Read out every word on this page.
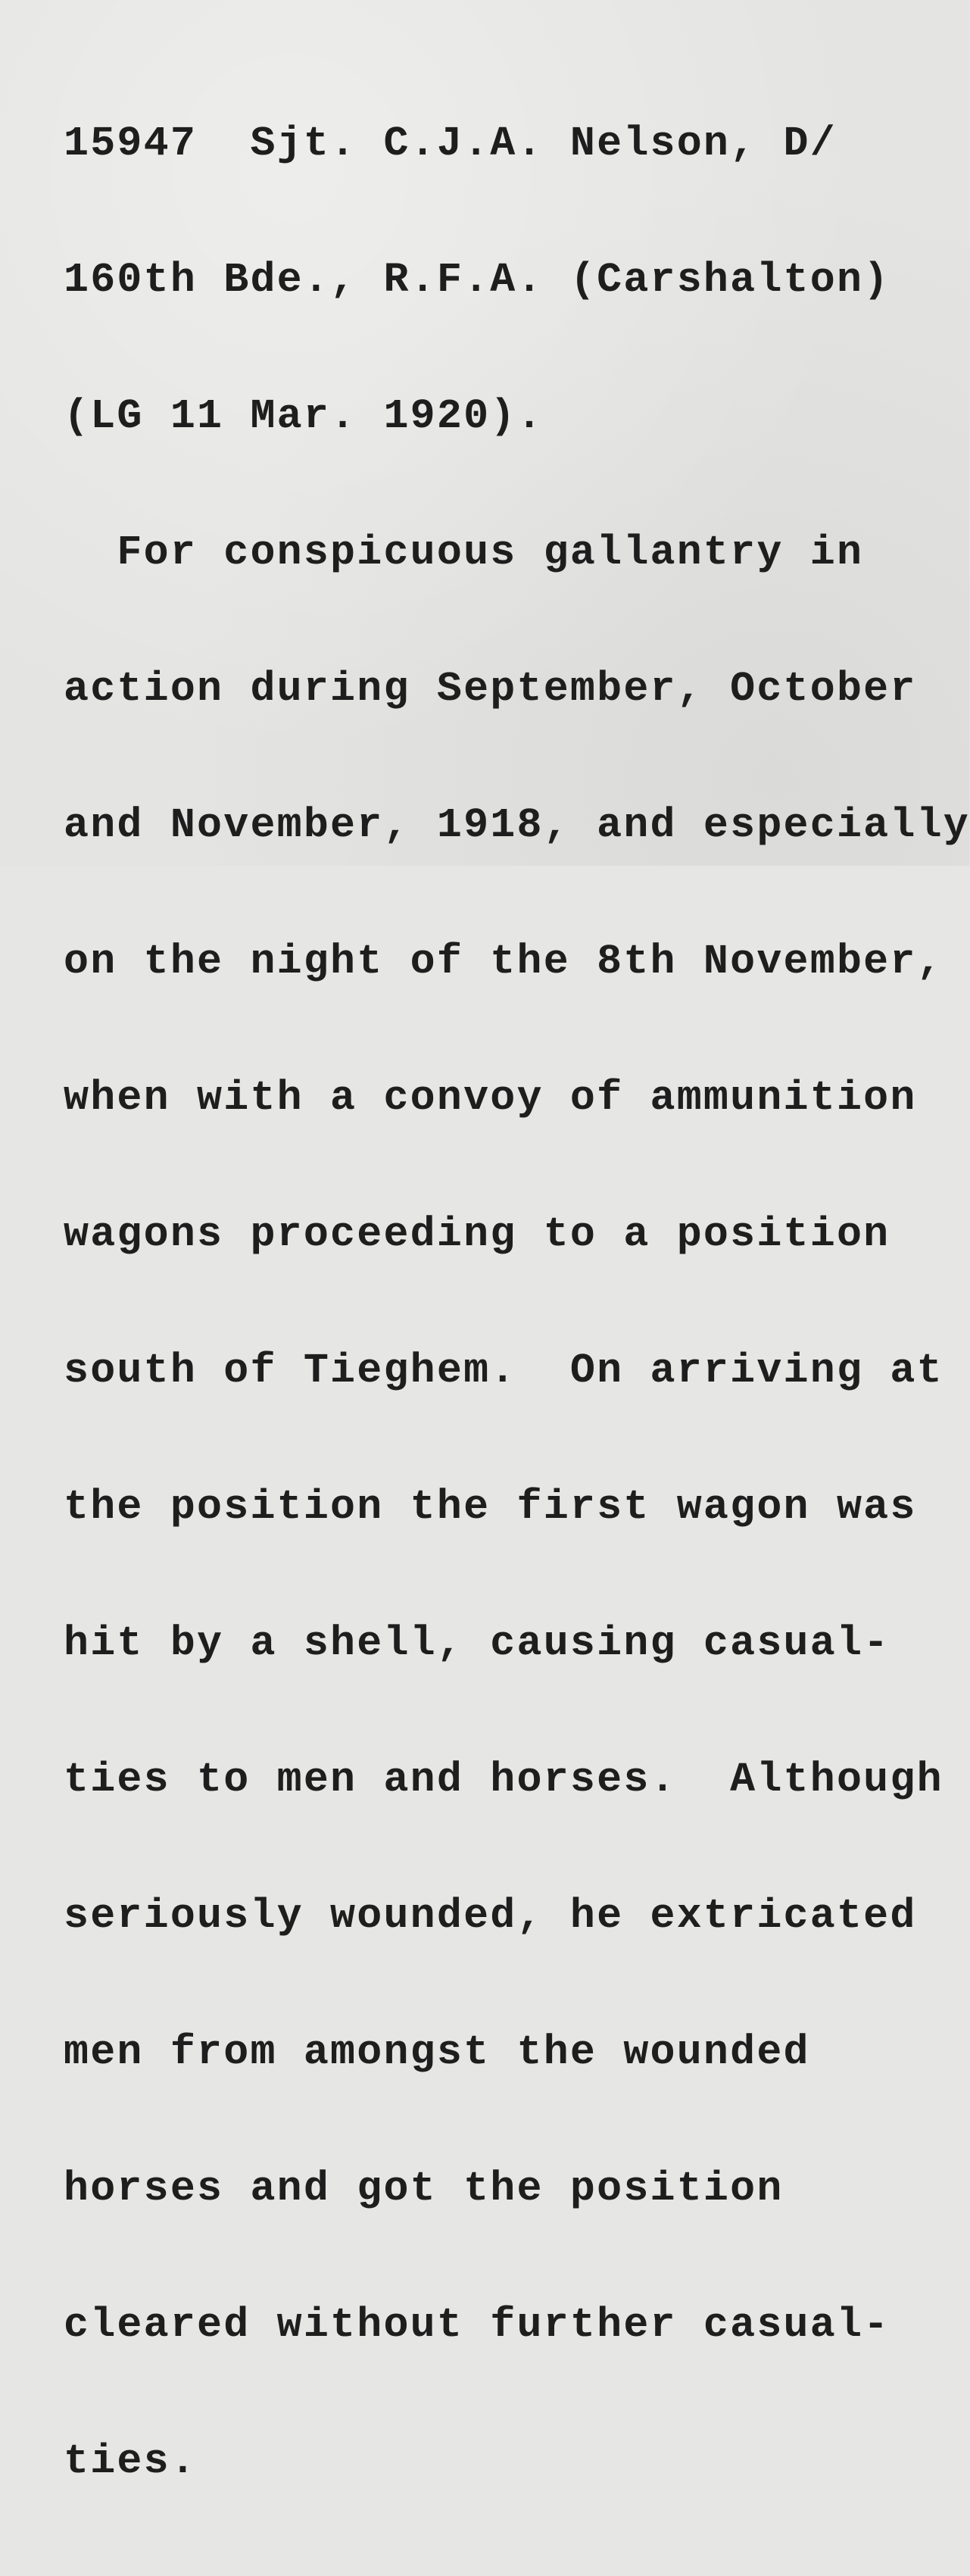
15947  Sjt. C.J.A. Nelson, D/

160th Bde., R.F.A. (Carshalton)

(LG 11 Mar. 1920).

For conspicuous gallantry in

action during September, October

and November, 1918, and especially

on the night of the 8th November,

when with a convoy of ammunition

wagons proceeding to a position

south of Tieghem.  On arriving at

the position the first wagon was

hit by a shell, causing casual-

ties to men and horses.  Although

seriously wounded, he extricated

men from amongst the wounded

horses and got the position

cleared without further casual-

ties.
